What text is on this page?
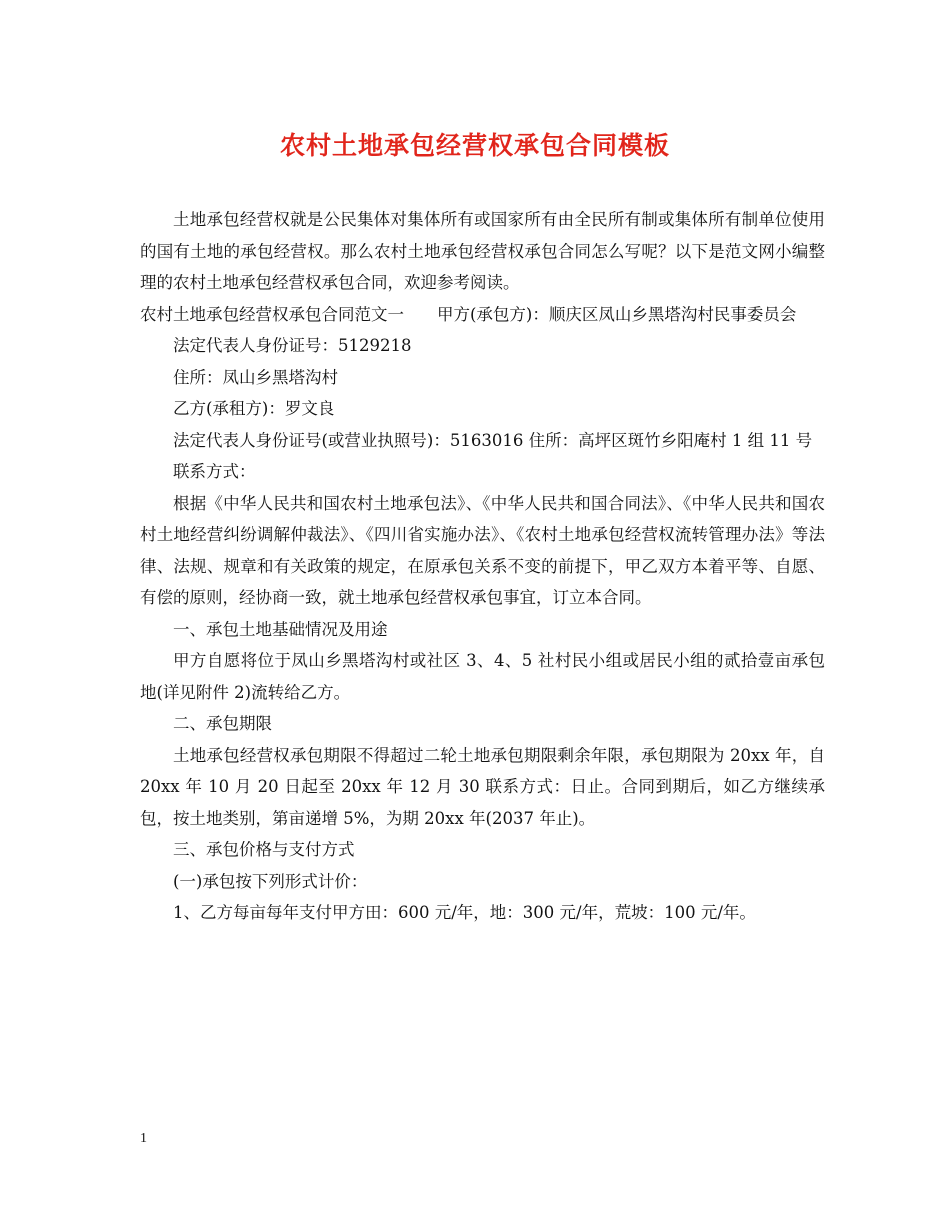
农村土地承包经营权承包合同模板

土地承包经营权就是公民集体对集体所有或国家所有由全民所有制或集体所有制单位使用的国有土地的承包经营权。那么农村土地承包经营权承包合同怎么写呢？以下是范文网小编整理的农村土地承包经营权承包合同，欢迎参考阅读。

农村土地承包经营权承包合同范文一　　甲方(承包方)：顺庆区凤山乡黑塔沟村民事委员会

法定代表人身份证号：5129218

住所：凤山乡黑塔沟村

乙方(承租方)：罗文良

法定代表人身份证号(或营业执照号)：5163016 住所：高坪区斑竹乡阳庵村 1 组 11 号

联系方式：

根据《中华人民共和国农村土地承包法》、《中华人民共和国合同法》、《中华人民共和国农村土地经营纠纷调解仲裁法》、《四川省实施办法》、《农村土地承包经营权流转管理办法》等法律、法规、规章和有关政策的规定，在原承包关系不变的前提下，甲乙双方本着平等、自愿、有偿的原则，经协商一致，就土地承包经营权承包事宜，订立本合同。

一、承包土地基础情况及用途

甲方自愿将位于凤山乡黑塔沟村或社区 3、4、5 社村民小组或居民小组的贰拾壹亩承包地(详见附件 2)流转给乙方。

二、承包期限

土地承包经营权承包期限不得超过二轮土地承包期限剩余年限，承包期限为 20xx 年，自 20xx 年 10 月 20 日起至 20xx 年 12 月 30 联系方式：日止。合同到期后，如乙方继续承包，按土地类别，第亩递增 5%，为期 20xx 年(2037 年止)。

三、承包价格与支付方式

(一)承包按下列形式计价：

1、乙方每亩每年支付甲方田：600 元/年，地：300 元/年，荒坡：100 元/年。

1
